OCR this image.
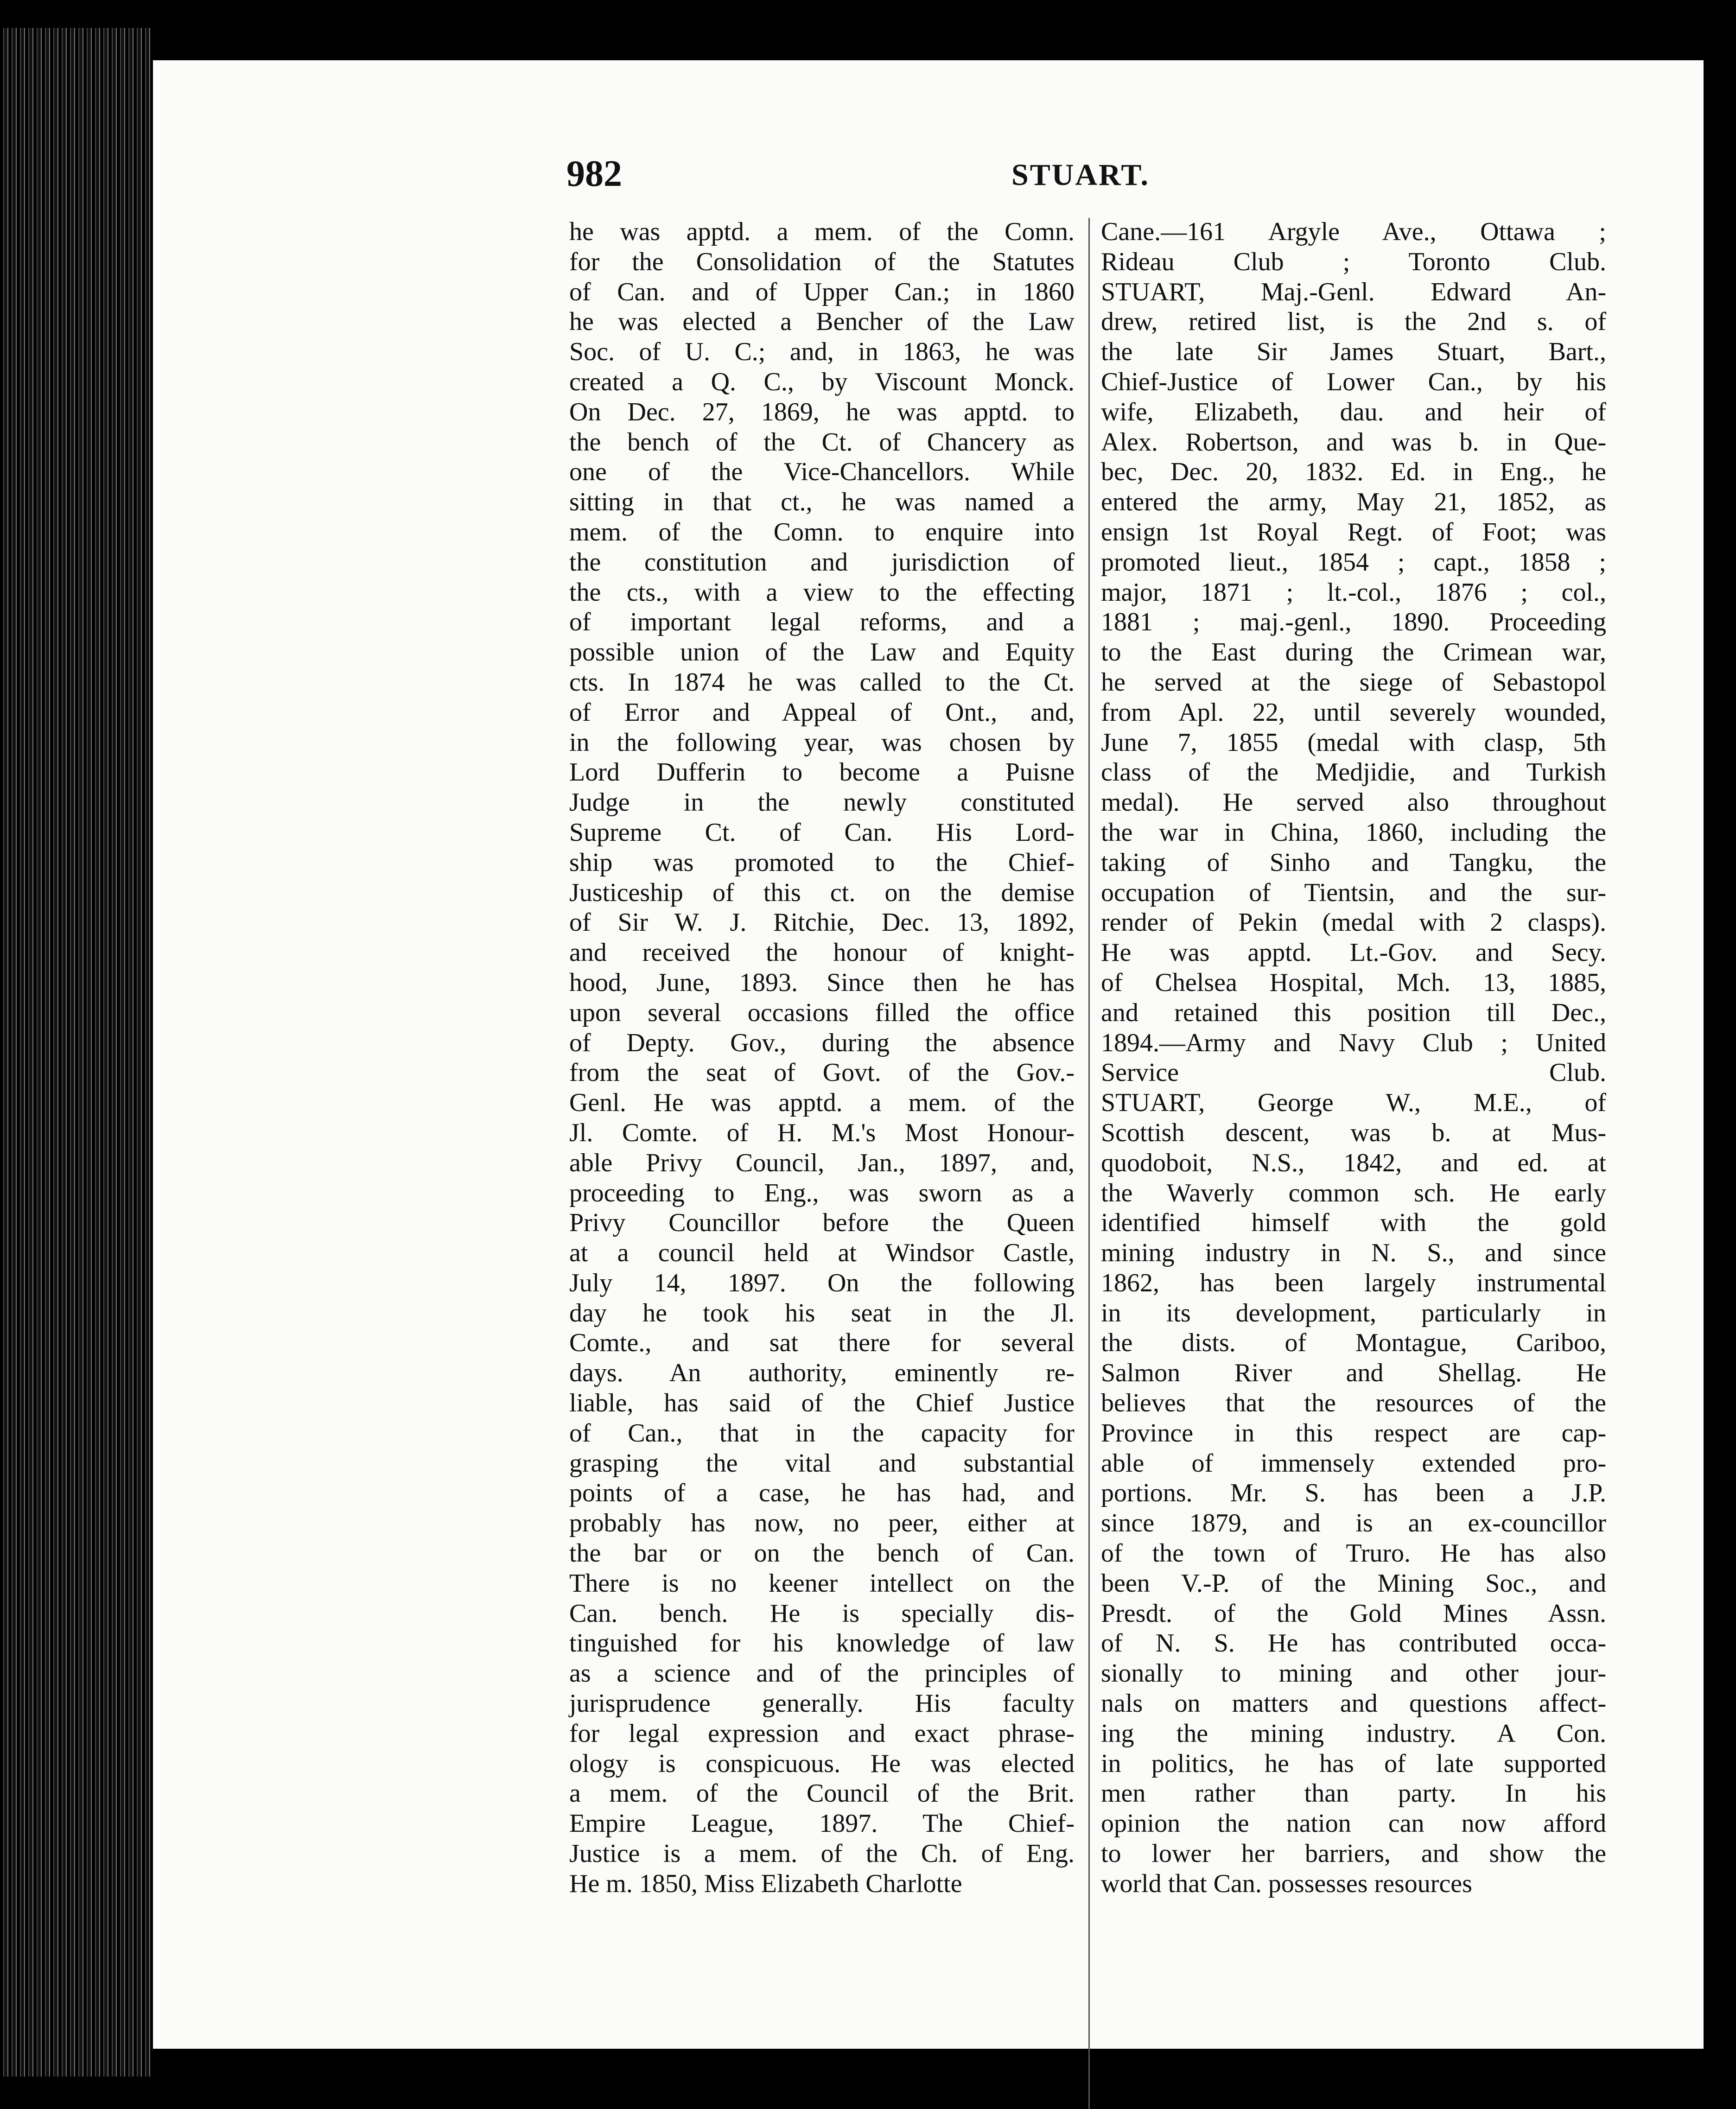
982	STUART.
he was apptd. a mem. of the Comn.
for the Consolidation of the Statutes
of Can. and of Upper Can.; in 1860
he was elected a Bencher of the Law
Soc. of U. C.; and, in 1863, he was
created a Q. C., by Viscount Monck.
On Dec. 27, 1869, he was apptd. to
the bench of the Ct. of Chancery as
one of the Vice-Chancellors. While
sitting in that ct., he was named a
mem. of the Comn. to enquire into
the constitution and jurisdiction of
the cts., with a view to the effecting
of important legal reforms, and a
possible union of the Law and Equity
cts. In 1874 he was called to the Ct.
of Error and Appeal of Ont., and,
in the following year, was chosen by
Lord Dufferin to become a Puisne
Judge in the newly constituted
Supreme Ct. of Can. His Lord-
ship was promoted to the Chief-
Justiceship of this ct. on the demise
of Sir W. J. Ritchie, Dec. 13, 1892,
and received the honour of knight-
hood, June, 1893. Since then he has
upon several occasions filled the office
of Depty. Gov., during the absence
from the seat of Govt. of the Gov.-
Genl. He was apptd. a mem. of the
Jl. Comte. of H. M.'s Most Honour-
able Privy Council, Jan., 1897, and,
proceeding to Eng., was sworn as a
Privy Councillor before the Queen
at a council held at Windsor Castle,
July 14, 1897. On the following
day he took his seat in the Jl.
Comte., and sat there for several
days. An authority, eminently re-
liable, has said of the Chief Justice
of Can., that in the capacity for
grasping the vital and substantial
points of a case, he has had, and
probably has now, no peer, either at
the bar or on the bench of Can.
There is no keener intellect on the
Can. bench. He is specially dis-
tinguished for his knowledge of law
as a science and of the principles of
jurisprudence generally. His faculty
for legal expression and exact phrase-
ology is conspicuous. He was elected
a mem. of the Council of the Brit.
Empire League, 1897. The Chief-
Justice is a mem. of the Ch. of Eng.
He m. 1850, Miss Elizabeth Charlotte
Cane.—161 Argyle Ave., Ottawa ;
Rideau Club ; Toronto Club.
STUART, Maj.-Genl. Edward An-
drew, retired list, is the 2nd s. of
the late Sir James Stuart, Bart.,
Chief-Justice of Lower Can., by his
wife, Elizabeth, dau. and heir of
Alex. Robertson, and was b. in Que-
bec, Dec. 20, 1832. Ed. in Eng., he
entered the army, May 21, 1852, as
ensign 1st Royal Regt. of Foot; was
promoted lieut., 1854 ; capt., 1858 ;
major, 1871 ; lt.-col., 1876 ; col.,
1881 ; maj.-genl., 1890. Proceeding
to the East during the Crimean war,
he served at the siege of Sebastopol
from Apl. 22, until severely wounded,
June 7, 1855 (medal with clasp, 5th
class of the Medjidie, and Turkish
medal). He served also throughout
the war in China, 1860, including the
taking of Sinho and Tangku, the
occupation of Tientsin, and the sur-
render of Pekin (medal with 2 clasps).
He was apptd. Lt.-Gov. and Secy.
of Chelsea Hospital, Mch. 13, 1885,
and retained this position till Dec.,
1894.—Army and Navy Club ; United
Service Club.
STUART, George W., M.E., of
Scottish descent, was b. at Mus-
quodoboit, N.S., 1842, and ed. at
the Waverly common sch. He early
identified himself with the gold
mining industry in N. S., and since
1862, has been largely instrumental
in its development, particularly in
the dists. of Montague, Cariboo,
Salmon River and Shellag. He
believes that the resources of the
Province in this respect are cap-
able of immensely extended pro-
portions. Mr. S. has been a J.P.
since 1879, and is an ex-councillor
of the town of Truro. He has also
been V.-P. of the Mining Soc., and
Presdt. of the Gold Mines Assn.
of N. S. He has contributed occa-
sionally to mining and other jour-
nals on matters and questions affect-
ing the mining industry. A Con.
in politics, he has of late supported
men rather than party. In his
opinion the nation can now afford
to lower her barriers, and show the
world that Can. possesses resources
